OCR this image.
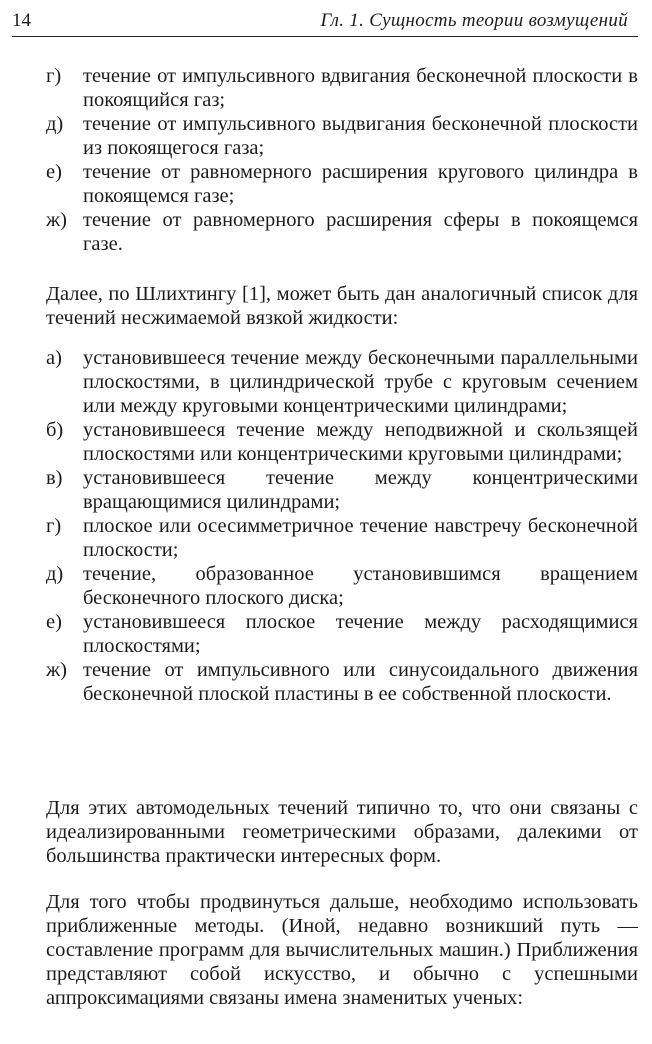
14	Гл. 1. Сущность теории возмущений
г) течение от импульсивного вдвигания бесконечной плоскости в покоящийся газ;
д) течение от импульсивного выдвигания бесконечной плоскости из покоящегося газа;
е) течение от равномерного расширения кругового цилиндра в покоящемся газе;
ж) течение от равномерного расширения сферы в покоящемся газе.

Далее, по Шлихтингу [1], может быть дан аналогичный список для течений несжимаемой вязкой жидкости:

а) установившееся течение между бесконечными параллельными плоскостями, в цилиндрической трубе с круговым сечением или между круговыми концентрическими цилиндрами;
б) установившееся течение между неподвижной и скользящей плоскостями или концентрическими круговыми цилиндрами;
в) установившееся течение между концентрическими вращающимися цилиндрами;
г) плоское или осесимметричное течение навстречу бесконечной плоскости;
д) течение, образованное установившимся вращением бесконечного плоского диска;
е) установившееся плоское течение между расходящимися плоскостями;
ж) течение от импульсивного или синусоидального движения бесконечной плоской пластины в ее собственной плоскости.

Для этих автомодельных течений типично то, что они связаны с идеализированными геометрическими образами, далекими от большинства практически интересных форм.

Для того чтобы продвинуться дальше, необходимо использовать приближенные методы. (Иной, недавно возникший путь — составление программ для вычислительных машин.) Приближения представляют собой искусство, и обычно с успешными аппроксимациями связаны имена знаменитых ученых:
